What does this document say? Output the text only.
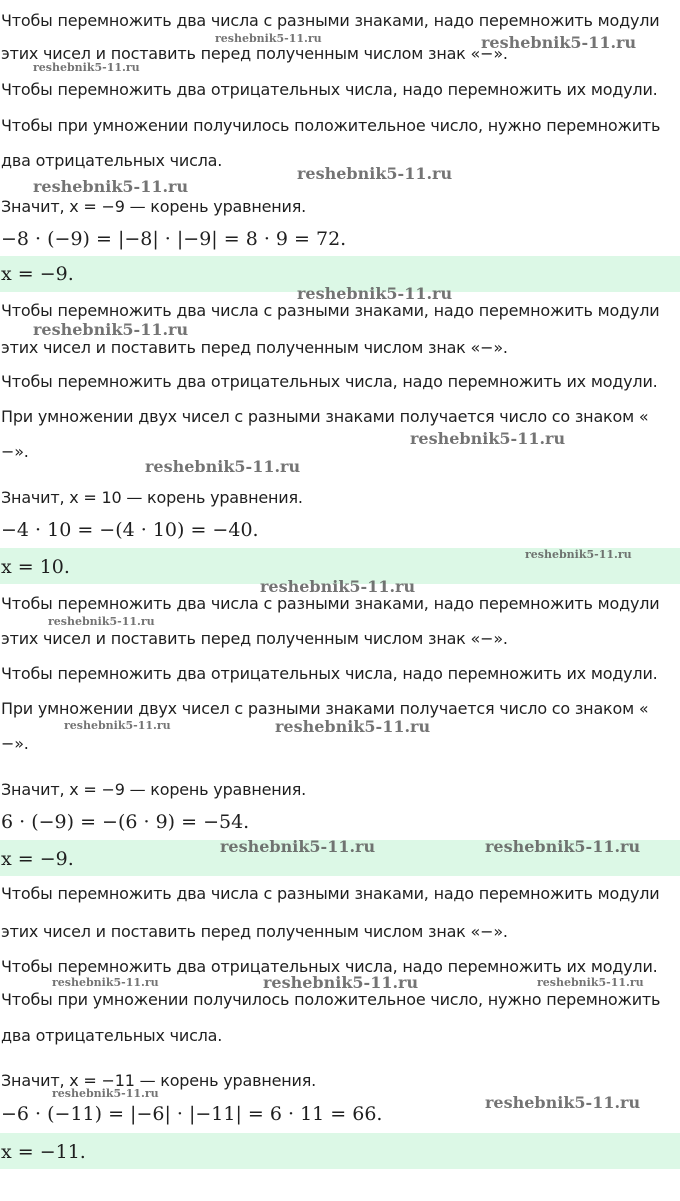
Чтобы перемножить два числа с разными знаками, надо перемножить модули
этих чисел и поставить перед полученным числом знак «−».
Чтобы перемножить два отрицательных числа, надо перемножить их модули.
Чтобы при умножении получилось положительное число, нужно перемножить
два отрицательных числа.
Значит, x = −9 — корень уравнения.
−8 · (−9) = |−8| · |−9| = 8 · 9 = 72.
x = −9.
Чтобы перемножить два числа с разными знаками, надо перемножить модули
этих чисел и поставить перед полученным числом знак «−».
Чтобы перемножить два отрицательных числа, надо перемножить их модули.
При умножении двух чисел с разными знаками получается число со знаком «
−».
Значит, x = 10 — корень уравнения.
−4 · 10 = −(4 · 10) = −40.
x = 10.
Чтобы перемножить два числа с разными знаками, надо перемножить модули
этих чисел и поставить перед полученным числом знак «−».
Чтобы перемножить два отрицательных числа, надо перемножить их модули.
При умножении двух чисел с разными знаками получается число со знаком «
−».
Значит, x = −9 — корень уравнения.
6 · (−9) = −(6 · 9) = −54.
x = −9.
Чтобы перемножить два числа с разными знаками, надо перемножить модули
этих чисел и поставить перед полученным числом знак «−».
Чтобы перемножить два отрицательных числа, надо перемножить их модули.
Чтобы при умножении получилось положительное число, нужно перемножить
два отрицательных числа.
Значит, x = −11 — корень уравнения.
−6 · (−11) = |−6| · |−11| = 6 · 11 = 66.
x = −11.
reshebnik5-11.ru	reshebnik5-11.ru
reshebnik5-11.ru
reshebnik5-11.ru
reshebnik5-11.ru
reshebnik5-11.ru
reshebnik5-11.ru
reshebnik5-11.ru
reshebnik5-11.ru
reshebnik5-11.ru
reshebnik5-11.ru
reshebnik5-11.ru
reshebnik5-11.ru	reshebnik5-11.ru
reshebnik5-11.ru	reshebnik5-11.ru
reshebnik5-11.ru	reshebnik5-11.ru	reshebnik5-11.ru
reshebnik5-11.ru	reshebnik5-11.ru
